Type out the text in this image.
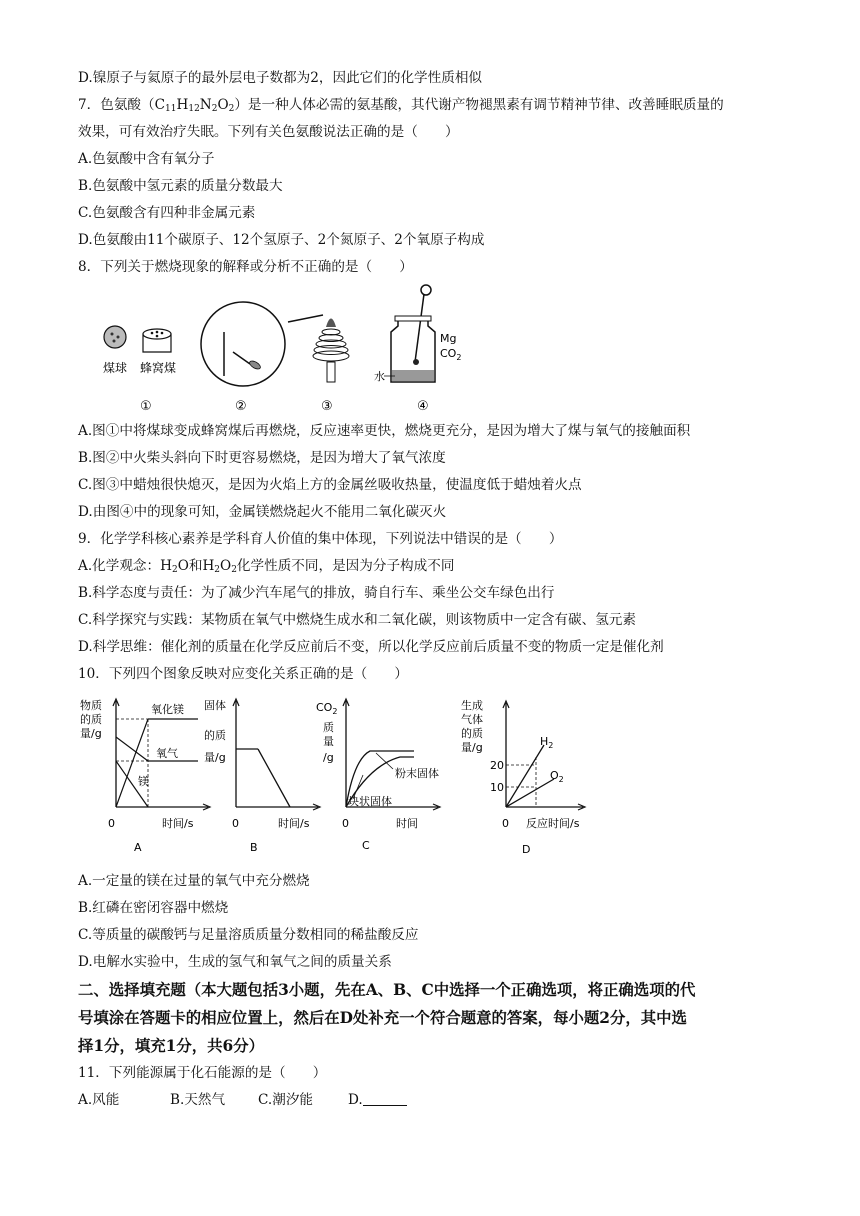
D.镍原子与氦原子的最外层电子数都为2，因此它们的化学性质相似
7．色氨酸$(C_{11}H_{12}N_2O_2)$是一种人体必需的氨基酸，其代谢产物褪黑素有调节精神节律、改善睡眠质量的
效果，可有效治疗失眠。下列有关色氨酸说法正确的是（　　）
A.色氨酸中含有氧分子
B.色氨酸中氢元素的质量分数最大
C.色氨酸含有四种非金属元素
D.色氨酸由11个碳原子、12个氢原子、2个氮原子、2个氧原子构成
8．下列关于燃烧现象的解释或分析不正确的是（　　）
煤球 蜂窝煤
①	②	③
Mg
$CO_2$
水
④
A.图①中将煤球变成蜂窝煤后再燃烧，反应速率更快，燃烧更充分，是因为增大了煤与氧气的接触面积
B.图②中火柴头斜向下时更容易燃烧，是因为增大了氧气浓度
C.图③中蜡烛很快熄灭，是因为火焰上方的金属丝吸收热量，使温度低于蜡烛着火点
D.由图④中的现象可知，金属镁燃烧起火不能用二氧化碳灭火
9．化学学科核心素养是学科育人价值的集中体现，下列说法中错误的是（　　）
A.化学观念：$H_2O$和$H_2O_2$化学性质不同，是因为分子构成不同
B.科学态度与责任：为了减少汽车尾气的排放，骑自行车、乘坐公交车绿色出行
C.科学探究与实践：某物质在氧气中燃烧生成水和二氧化碳，则该物质中一定含有碳、氢元素
D.科学思维：催化剂的质量在化学反应前后不变，所以化学反应前后质量不变的物质一定是催化剂
10．下列四个图象反映对应变化关系正确的是（　　）
物质
的质
量/g
氧化镁
氧气
镁
0	时间/s
A
固体
的质
量/g
0	时间/s
B
$CO_2$
质
量
/g
粉末固体
块状固体
0	时间
C
生成
气体
的质
量/g
20
10
$H_2$
$O_2$
0 反应时间/s
D
A.一定量的镁在过量的氧气中充分燃烧
B.红磷在密闭容器中燃烧
C.等质量的碳酸钙与足量溶质质量分数相同的稀盐酸反应
D.电解水实验中，生成的氢气和氧气之间的质量关系
二、选择填充题（本大题包括3小题，先在A、B、C中选择一个正确选项，将正确选项的代
号填涂在答题卡的相应位置上，然后在D处补充一个符合题意的答案，每小题2分，其中选
择1分，填充1分，共6分）
11．下列能源属于化石能源的是（　　）
A.风能	B.天然气 C.潮汐能	D.
